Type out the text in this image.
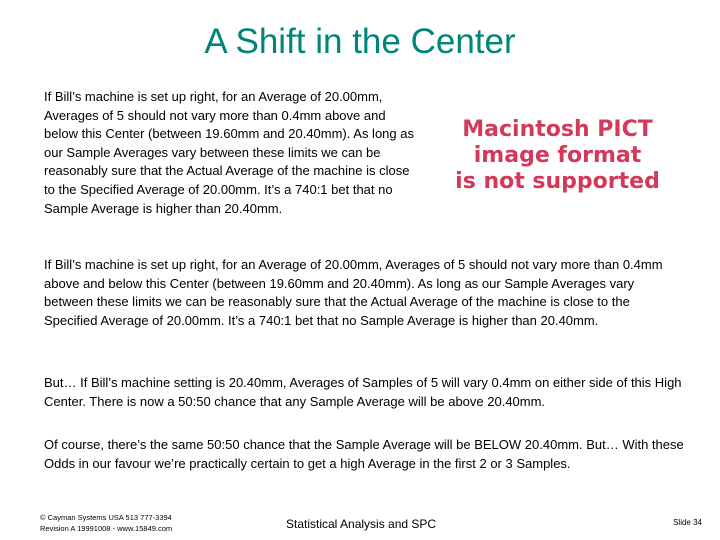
A Shift in the Center

If Bill’s machine is set up right, for an Average of 20.00mm, Averages of 5 should not vary more than 0.4mm above and below this Center (between 19.60mm and 20.40mm). As long as our Sample Averages vary between these limits we can be reasonably sure that the Actual Average of the machine is close to the Specified Average of 20.00mm. It’s a 740:1 bet that no Sample Average is higher than 20.40mm.

Macintosh PICT
image format
is not supported

If Bill’s machine is set up right, for an Average of 20.00mm, Averages of 5 should not vary more than 0.4mm above and below this Center (between 19.60mm and 20.40mm). As long as our Sample Averages vary between these limits we can be reasonably sure that the Actual Average of the machine is close to the Specified Average of 20.00mm. It’s a 740:1 bet that no Sample Average is higher than 20.40mm.

But… If Bill’s machine setting is 20.40mm, Averages of Samples of 5 will vary 0.4mm on either side of this High Center. There is now a 50:50 chance that any Sample Average will be above 20.40mm.

Of course, there’s the same 50:50 chance that the Sample Average will be BELOW 20.40mm. But… With these Odds in our favour we’re practically certain to get a high Average in the first 2 or 3 Samples.

© Cayman Systems USA 513 777-3394
Revision A 19991008 - www.15849.com	Statistical Analysis and SPC	Slide 34
